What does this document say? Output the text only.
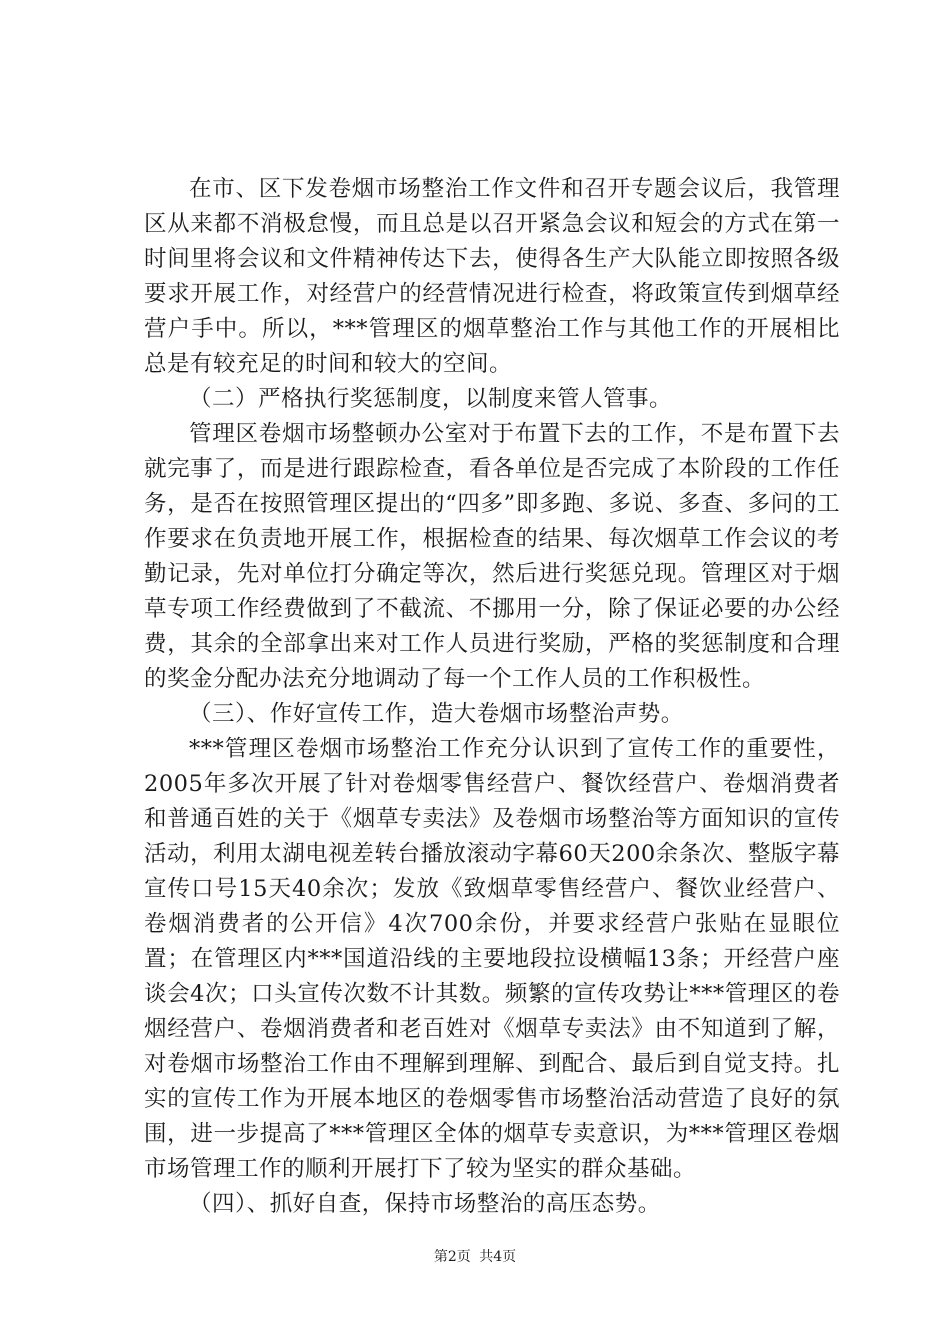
在市、区下发卷烟市场整治工作文件和召开专题会议后，我管理区从来都不消极怠慢，而且总是以召开紧急会议和短会的方式在第一时间里将会议和文件精神传达下去，使得各生产大队能立即按照各级要求开展工作，对经营户的经营情况进行检查，将政策宣传到烟草经营户手中。所以，***管理区的烟草整治工作与其他工作的开展相比总是有较充足的时间和较大的空间。

（二）严格执行奖惩制度，以制度来管人管事。

管理区卷烟市场整顿办公室对于布置下去的工作，不是布置下去就完事了，而是进行跟踪检查，看各单位是否完成了本阶段的工作任务，是否在按照管理区提出的“四多”即多跑、多说、多查、多问的工作要求在负责地开展工作，根据检查的结果、每次烟草工作会议的考勤记录，先对单位打分确定等次，然后进行奖惩兑现。管理区对于烟草专项工作经费做到了不截流、不挪用一分，除了保证必要的办公经费，其余的全部拿出来对工作人员进行奖励，严格的奖惩制度和合理的奖金分配办法充分地调动了每一个工作人员的工作积极性。

（三）、作好宣传工作，造大卷烟市场整治声势。

***管理区卷烟市场整治工作充分认识到了宣传工作的重要性，2005年多次开展了针对卷烟零售经营户、餐饮经营户、卷烟消费者和普通百姓的关于《烟草专卖法》及卷烟市场整治等方面知识的宣传活动，利用太湖电视差转台播放滚动字幕60天200余条次、整版字幕宣传口号15天40余次；发放《致烟草零售经营户、餐饮业经营户、卷烟消费者的公开信》4次700余份，并要求经营户张贴在显眼位置；在管理区内***国道沿线的主要地段拉设横幅13条；开经营户座谈会4次；口头宣传次数不计其数。频繁的宣传攻势让***管理区的卷烟经营户、卷烟消费者和老百姓对《烟草专卖法》由不知道到了解，对卷烟市场整治工作由不理解到理解、到配合、最后到自觉支持。扎实的宣传工作为开展本地区的卷烟零售市场整治活动营造了良好的氛围，进一步提高了***管理区全体的烟草专卖意识，为***管理区卷烟市场管理工作的顺利开展打下了较为坚实的群众基础。

（四）、抓好自查，保持市场整治的高压态势。

第2页 共4页
